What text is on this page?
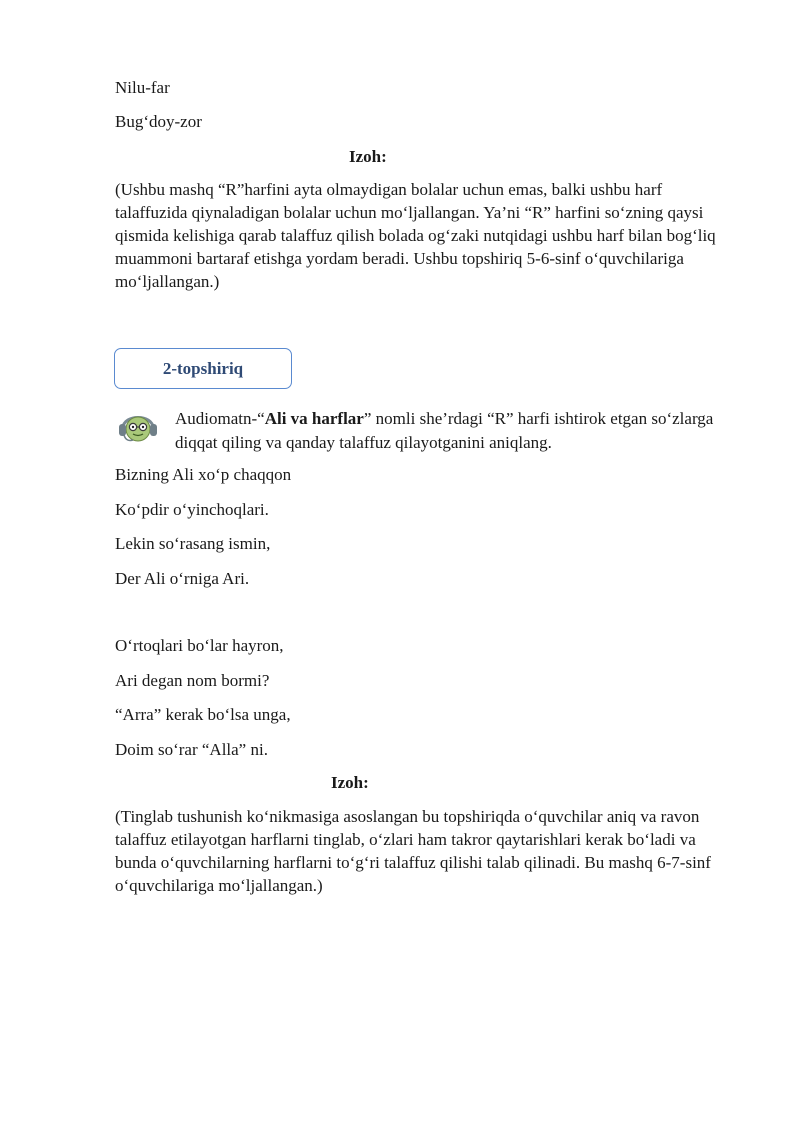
Nilu-far
Bug‘doy-zor
Izoh:
(Ushbu mashq “R”harfini ayta olmaydigan bolalar uchun emas, balki ushbu harf talaffuzida qiynaladigan bolalar uchun mo‘ljallangan. Ya’ni “R” harfini so‘zning qaysi qismida kelishiga qarab talaffuz qilish bolada og‘zaki nutqidagi ushbu harf bilan bog‘liq muammoni bartaraf etishga yordam beradi. Ushbu topshiriq 5-6-sinf o‘quvchilariga mo‘ljallangan.)
2-topshiriq
Audiomatn-“Ali va harflar” nomli she’rdagi “R” harfi ishtirok etgan so‘zlarga diqqat qiling va qanday talaffuz qilayotganini aniqlang.
Bizning Ali xo‘p chaqqon
Ko‘pdir o‘yinchoqlari.
Lekin so‘rasang ismin,
Der Ali o‘rniga Ari.
O‘rtoqlari bo‘lar hayron,
Ari degan nom bormi?
“Arra” kerak bo‘lsa unga,
Doim so‘rar “Alla” ni.
Izoh:
(Tinglab tushunish ko‘nikmasiga asoslangan bu topshiriqda o‘quvchilar aniq va ravon talaffuz etilayotgan harflarni tinglab, o‘zlari ham takror qaytarishlari kerak bo‘ladi va bunda o‘quvchilarning harflarni to‘g‘ri talaffuz qilishi talab qilinadi. Bu mashq 6-7-sinf o‘quvchilariga mo‘ljallangan.)
